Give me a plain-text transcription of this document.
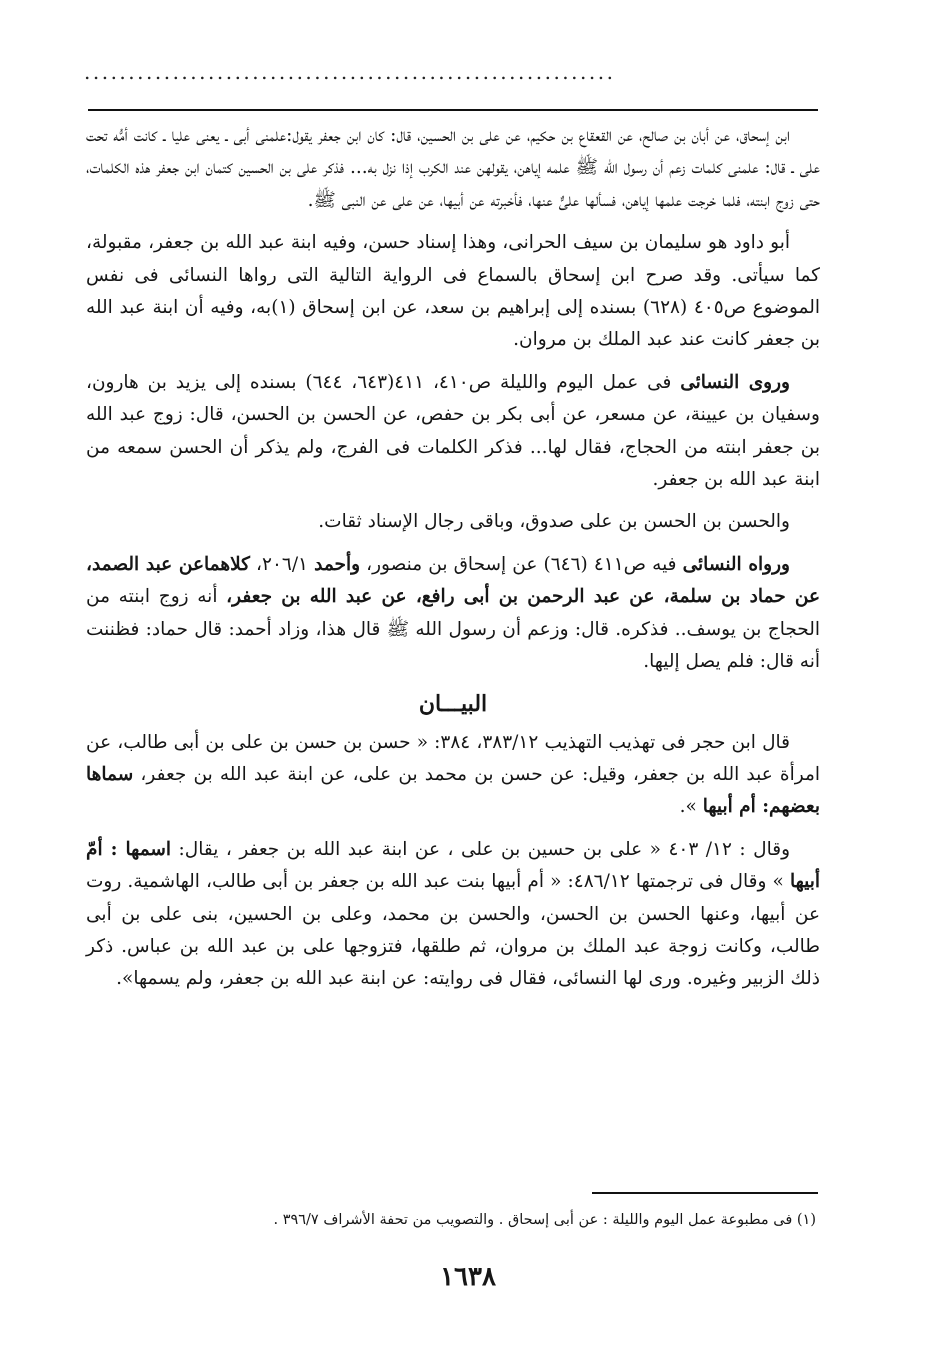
............................................................

ابن إسحاق، عن أبان بن صالح، عن القعقاع بن حكيم، عن على بن الحسين، قال: كان ابن جعفر يقول:علمنى أبى ـ يعنى عليا ـ كانت أمُّه تحت على ـ قال: علمنى كلمات زعم أن رسول الله ﷺ علمه إياهن، يقولهن عند الكرب إذا نزل به... فذكر على بن الحسين كتمان ابن جعفر هذه الكلمات، حتى زوج ابنته، فلما خرجت علمها إياهن، فسألها علىٌّ عنها، فأخبرته عن أبيها، عن على عن النبى ﷺ.

أبو داود هو سليمان بن سيف الحرانى، وهذا إسناد حسن، وفيه ابنة عبد الله بن جعفر، مقبولة، كما سيأتى. وقد صرح ابن إسحاق بالسماع فى الرواية التالية التى رواها النسائى فى نفس الموضوع ص٤٠٥ (٦٢٨) بسنده إلى إبراهيم بن سعد، عن ابن إسحاق (١)به، وفيه أن ابنة عبد الله بن جعفر كانت عند عبد الملك بن مروان.

وروى النسائى فى عمل اليوم والليلة ص٤١٠، ٤١١(٦٤٣، ٦٤٤) بسنده إلى يزيد بن هارون، وسفيان بن عيينة، عن مسعر، عن أبى بكر بن حفص، عن الحسن بن الحسن، قال: زوج عبد الله بن جعفر ابنته من الحجاج، فقال لها... فذكر الكلمات فى الفرج، ولم يذكر أن الحسن سمعه من ابنة عبد الله بن جعفر.

والحسن بن الحسن بن على صدوق، وباقى رجال الإسناد ثقات.

ورواه النسائى فيه ص٤١١ (٦٤٦) عن إسحاق بن منصور، وأحمد ٢٠٦/١، كلاهماعن عبد الصمد، عن حماد بن سلمة، عن عبد الرحمن بن أبى رافع، عن عبد الله بن جعفر، أنه زوج ابنته من الحجاج بن يوسف.. فذكره. قال: وزعم أن رسول الله ﷺ قال هذا، وزاد أحمد: قال حماد: فظننت أنه قال: فلم يصل إليها.

البيـــان

قال ابن حجر فى تهذيب التهذيب ٣٨٣/١٢، ٣٨٤: « حسن بن حسن بن على بن أبى طالب، عن امرأة عبد الله بن جعفر، وقيل: عن حسن بن محمد بن على، عن ابنة عبد الله بن جعفر، سماها بعضهم: أم أبيها ».

وقال : ١٢/ ٤٠٣ « على بن حسين بن على ، عن ابنة عبد الله بن جعفر ، يقال: اسمها : أمّ أبيها » وقال فى ترجمتها ٤٨٦/١٢: « أم أبيها بنت عبد الله بن جعفر بن أبى طالب، الهاشمية. روت عن أبيها، وعنها الحسن بن الحسن، والحسن بن محمد، وعلى بن الحسين، بنى على بن أبى طالب، وكانت زوجة عبد الملك بن مروان، ثم طلقها، فتزوجها على بن عبد الله بن عباس. ذكر ذلك الزبير وغيره. ورى لها النسائى، فقال فى روايته: عن ابنة عبد الله بن جعفر، ولم يسمها».

(١) فى مطبوعة عمل اليوم والليلة : عن أبى إسحاق . والتصويب من تحفة الأشراف ٣٩٦/٧ .
١٦٣٨
